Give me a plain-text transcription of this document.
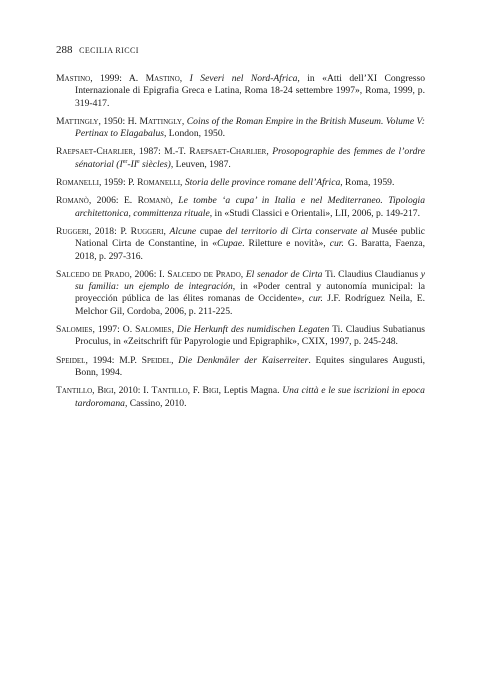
288 CECILIA RICCI

Mastino, 1999: A. Mastino, I Severi nel Nord-Africa, in «Atti dell’XI Congresso Internazionale di Epigrafia Greca e Latina, Roma 18-24 settembre 1997», Roma, 1999, p. 319-417.

Mattingly, 1950: H. Mattingly, Coins of the Roman Empire in the British Museum. Volume V: Pertinax to Elagabalus, London, 1950.

Raepsaet-Charlier, 1987: M.-T. Raepsaet-Charlier, Prosopographie des femmes de l’ordre sénatorial (Ier-IIe siècles), Leuven, 1987.

Romanelli, 1959: P. Romanelli, Storia delle province romane dell’Africa, Roma, 1959.

Romanò, 2006: E. Romanò, Le tombe ‘a cupa’ in Italia e nel Mediterraneo. Tipologia architettonica, committenza rituale, in «Studi Classici e Orientali», LII, 2006, p. 149-217.

Ruggeri, 2018: P. Ruggeri, Alcune cupae del territorio di Cirta conservate al Musée public National Cirta de Constantine, in «Cupae. Riletture e novità», cur. G. Baratta, Faenza, 2018, p. 297-316.

Salcedo de Prado, 2006: I. Salcedo de Prado, El senador de Cirta Ti. Claudius Claudianus y su familia: un ejemplo de integración, in «Poder central y autonomía municipal: la proyección pública de las élites romanas de Occidente», cur. J.F. Rodríguez Neila, E. Melchor Gil, Cordoba, 2006, p. 211-225.

Salomies, 1997: O. Salomies, Die Herkunft des numidischen Legaten Ti. Claudius Subatianus Proculus, in «Zeitschrift für Papyrologie und Epigraphik», CXIX, 1997, p. 245-248.

Speidel, 1994: M.P. Speidel, Die Denkmäler der Kaiserreiter. Equites singulares Augusti, Bonn, 1994.

Tantillo, Bigi, 2010: I. Tantillo, F. Bigi, Leptis Magna. Una città e le sue iscrizioni in epoca tardoromana, Cassino, 2010.
